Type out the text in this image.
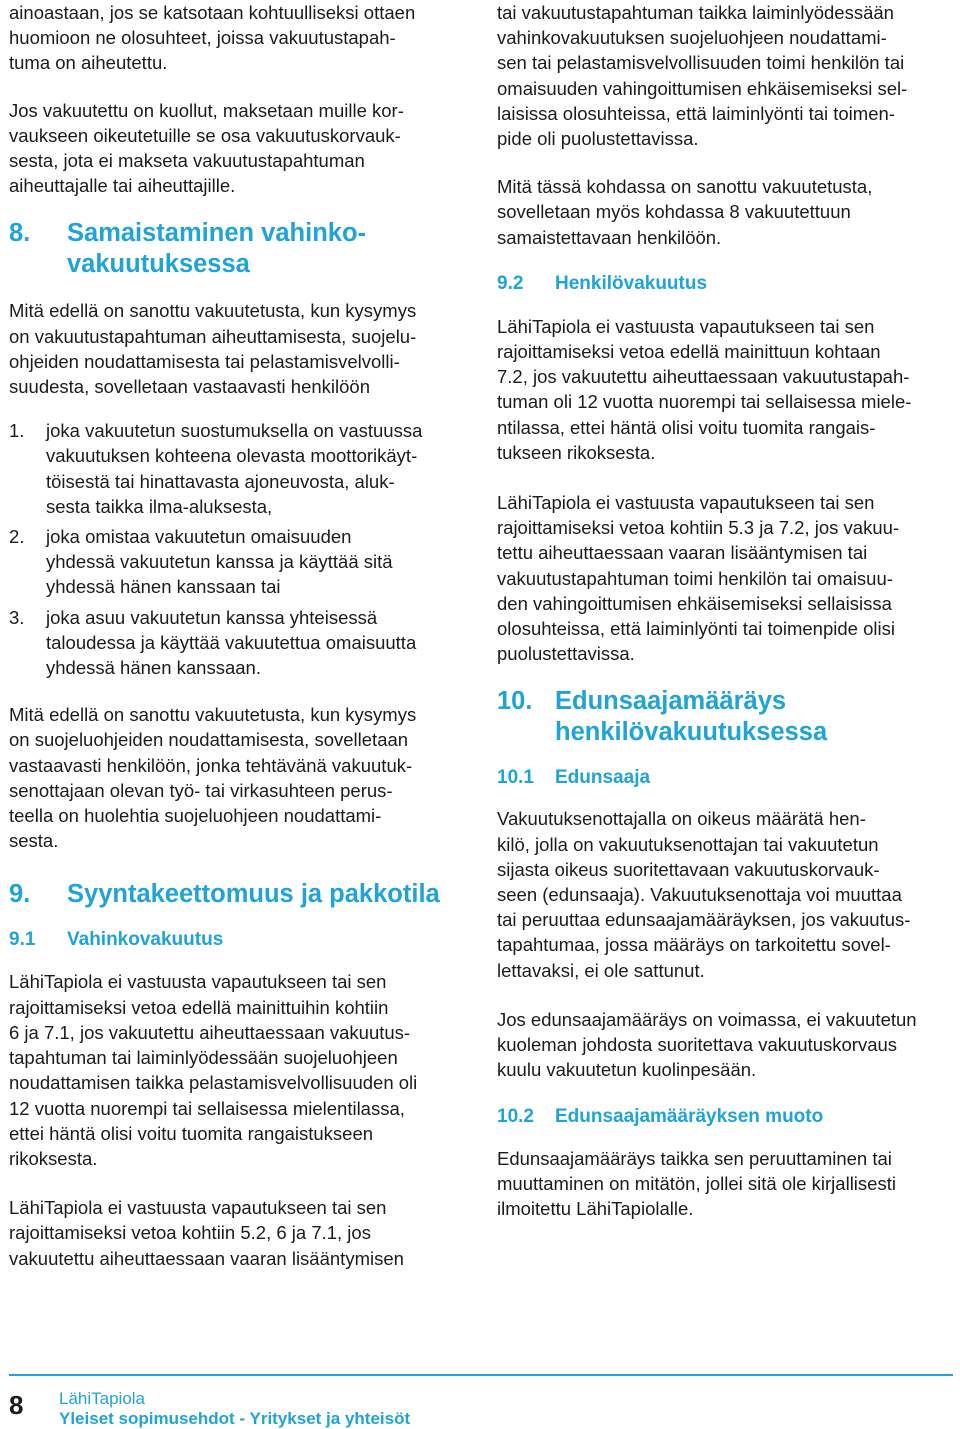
ainoastaan, jos se katsotaan kohtuulliseksi ottaen
huomioon ne olosuhteet, joissa vakuutustapah-
tuma on aiheutettu.
Jos vakuutettu on kuollut, maksetaan muille kor-
vaukseen oikeutetuille se osa vakuutuskorvauk-
sesta, jota ei makseta vakuutustapahtuman
aiheuttajalle tai aiheuttajille.
8. Samaistaminen vahinko-
vakuutuksessa
Mitä edellä on sanottu vakuutetusta, kun kysymys
on vakuutustapahtuman aiheuttamisesta, suojelu-
ohjeiden noudattamisesta tai pelastamisvelvolli-
suudesta, sovelletaan vastaavasti henkilöön
1. joka vakuutetun suostumuksella on vastuussa
vakuutuksen kohteena olevasta moottorikäyt-
töisestä tai hinattavasta ajoneuvosta, aluk-
sesta taikka ilma-aluksesta,
2. joka omistaa vakuutetun omaisuuden
yhdessä vakuutetun kanssa ja käyttää sitä
yhdessä hänen kanssaan tai
3. joka asuu vakuutetun kanssa yhteisessä
taloudessa ja käyttää vakuutettua omaisuutta
yhdessä hänen kanssaan.
Mitä edellä on sanottu vakuutetusta, kun kysymys
on suojeluohjeiden noudattamisesta, sovelletaan
vastaavasti henkilöön, jonka tehtävänä vakuutuk-
senottajaan olevan työ- tai virkasuhteen perus-
teella on huolehtia suojeluohjeen noudattami-
sesta.
9. Syyntakeettomuus ja pakkotila
9.1 Vahinkovakuutus
LähiTapiola ei vastuusta vapautukseen tai sen
rajoittamiseksi vetoa edellä mainittuihin kohtiin
6 ja 7.1, jos vakuutettu aiheuttaessaan vakuutus-
tapahtuman tai laiminlyödessään suojeluohjeen
noudattamisen taikka pelastamisvelvollisuuden oli
12 vuotta nuorempi tai sellaisessa mielentilassa,
ettei häntä olisi voitu tuomita rangaistukseen
rikoksesta.
LähiTapiola ei vastuusta vapautukseen tai sen
rajoittamiseksi vetoa kohtiin 5.2, 6 ja 7.1, jos
vakuutettu aiheuttaessaan vaaran lisääntymisen
tai vakuutustapahtuman taikka laiminlyödessään
vahinkovakuutuksen suojeluohjeen noudattami-
sen tai pelastamisvelvollisuuden toimi henkilön tai
omaisuuden vahingoittumisen ehkäisemiseksi sel-
laisissa olosuhteissa, että laiminlyönti tai toimen-
pide oli puolustettavissa.
Mitä tässä kohdassa on sanottu vakuutetusta,
sovelletaan myös kohdassa 8 vakuutettuun
samaistettavaan henkilöön.
9.2 Henkilövakuutus
LähiTapiola ei vastuusta vapautukseen tai sen
rajoittamiseksi vetoa edellä mainittuun kohtaan
7.2, jos vakuutettu aiheuttaessaan vakuutustapah-
tuman oli 12 vuotta nuorempi tai sellaisessa miele-
ntilassa, ettei häntä olisi voitu tuomita rangais-
tukseen rikoksesta.
LähiTapiola ei vastuusta vapautukseen tai sen
rajoittamiseksi vetoa kohtiin 5.3 ja 7.2, jos vakuu-
tettu aiheuttaessaan vaaran lisääntymisen tai
vakuutustapahtuman toimi henkilön tai omaisuu-
den vahingoittumisen ehkäisemiseksi sellaisissa
olosuhteissa, että laiminlyönti tai toimenpide olisi
puolustettavissa.
10. Edunsaajamääräys
henkilövakuutuksessa
10.1 Edunsaaja
Vakuutuksenottajalla on oikeus määrätä hen-
kilö, jolla on vakuutuksenottajan tai vakuutetun
sijasta oikeus suoritettavaan vakuutuskorvauk-
seen (edunsaaja). Vakuutuksenottaja voi muuttaa
tai peruuttaa edunsaajamääräyksen, jos vakuutus-
tapahtumaa, jossa määräys on tarkoitettu sovel-
lettavaksi, ei ole sattunut.
Jos edunsaajamääräys on voimassa, ei vakuutetun
kuoleman johdosta suoritettava vakuutuskorvaus
kuulu vakuutetun kuolinpesään.
10.2 Edunsaajamääräyksen muoto
Edunsaajamääräys taikka sen peruuttaminen tai
muuttaminen on mitätön, jollei sitä ole kirjallisesti
ilmoitettu LähiTapiolalle.
8 LähiTapiola
Yleiset sopimusehdot - Yritykset ja yhteisöt
